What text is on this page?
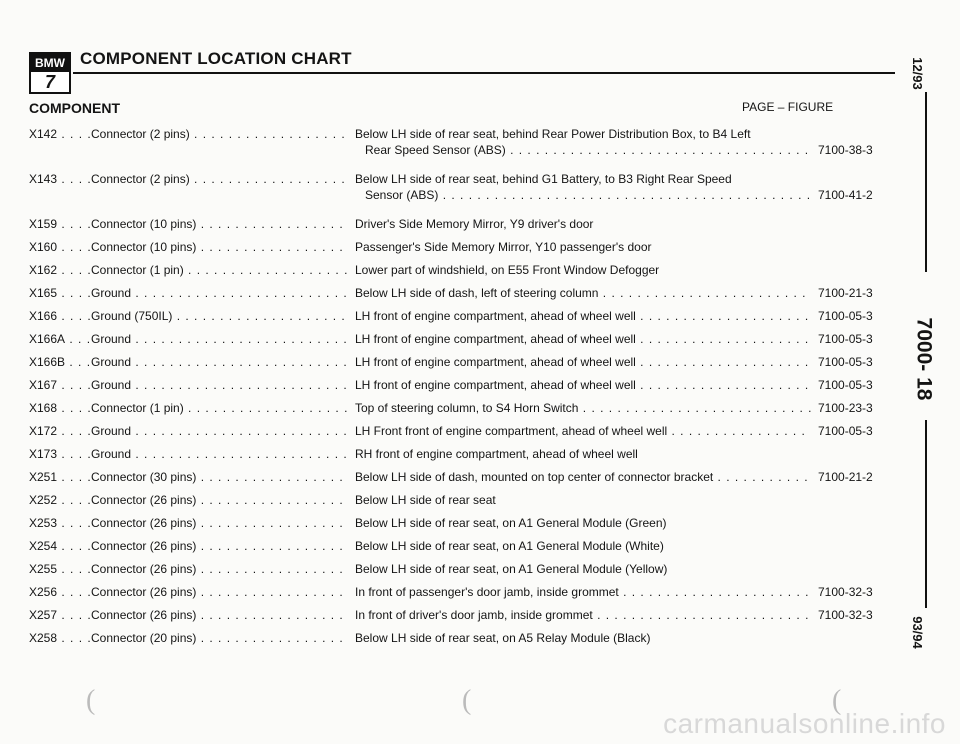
BMW
7
COMPONENT LOCATION CHART
COMPONENT	PAGE – FIGURE
X142 . . .	Connector (2 pins) . . .	Below LH side of rear seat, behind Rear Power Distribution Box, to B4 Left
Rear Speed Sensor (ABS) . . .	7100-38-3
X143 . . .	Connector (2 pins) . . .	Below LH side of rear seat, behind G1 Battery, to B3 Right Rear Speed
Sensor (ABS) . . .	7100-41-2
X159 . . .	Connector (10 pins) . . .	Driver's Side Memory Mirror, Y9 driver's door
X160 . . .	Connector (10 pins) . . .	Passenger's Side Memory Mirror, Y10 passenger's door
X162 . . .	Connector (1 pin) . . .	Lower part of windshield, on E55 Front Window Defogger
X165 . . .	Ground . . .	Below LH side of dash, left of steering column . . .	7100-21-3
X166 . . .	Ground (750IL) . . .	LH front of engine compartment, ahead of wheel well . . .	7100-05-3
X166A . . .	Ground . . .	LH front of engine compartment, ahead of wheel well . . .	7100-05-3
X166B . . .	Ground . . .	LH front of engine compartment, ahead of wheel well . . .	7100-05-3
X167 . . .	Ground . . .	LH front of engine compartment, ahead of wheel well . . .	7100-05-3
X168 . . .	Connector (1 pin) . . .	Top of steering column, to S4 Horn Switch . . .	7100-23-3
X172 . . .	Ground . . .	LH Front front of engine compartment, ahead of wheel well . . .	7100-05-3
X173 . . .	Ground . . .	RH front of engine compartment, ahead of wheel well
X251 . . .	Connector (30 pins) . . .	Below LH side of dash, mounted on top center of connector bracket . . .	7100-21-2
X252 . . .	Connector (26 pins) . . .	Below LH side of rear seat
X253 . . .	Connector (26 pins) . . .	Below LH side of rear seat, on A1 General Module (Green)
X254 . . .	Connector (26 pins) . . .	Below LH side of rear seat, on A1 General Module (White)
X255 . . .	Connector (26 pins) . . .	Below LH side of rear seat, on A1 General Module (Yellow)
X256 . . .	Connector (26 pins) . . .	In front of passenger's door jamb, inside grommet . . .	7100-32-3
X257 . . .	Connector (26 pins) . . .	In front of driver's door jamb, inside grommet . . .	7100-32-3
X258 . . .	Connector (20 pins) . . .	Below LH side of rear seat, on A5 Relay Module (Black)
12/93
7000- 18
93/94
(	(	(
carmanualsonline.info
